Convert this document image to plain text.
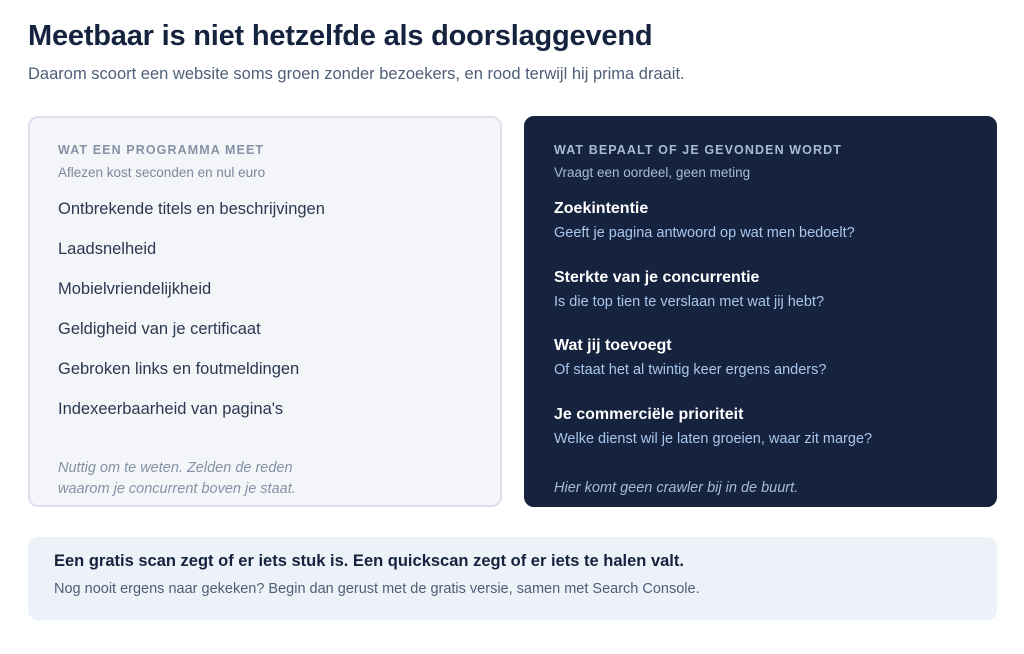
Meetbaar is niet hetzelfde als doorslaggevend

Daarom scoort een website soms groen zonder bezoekers, en rood terwijl hij prima draait.

WAT EEN PROGRAMMA MEET
Aflezen kost seconden en nul euro
Ontbrekende titels en beschrijvingen
Laadsnelheid
Mobielvriendelijkheid
Geldigheid van je certificaat
Gebroken links en foutmeldingen
Indexeerbaarheid van pagina's
Nuttig om te weten. Zelden de reden
waarom je concurrent boven je staat.
WAT BEPAALT OF JE GEVONDEN WORDT
Vraagt een oordeel, geen meting
Zoekintentie
Geeft je pagina antwoord op wat men bedoelt?
Sterkte van je concurrentie
Is die top tien te verslaan met wat jij hebt?
Wat jij toevoegt
Of staat het al twintig keer ergens anders?
Je commerciële prioriteit
Welke dienst wil je laten groeien, waar zit marge?
Hier komt geen crawler bij in de buurt.
Een gratis scan zegt of er iets stuk is. Een quickscan zegt of er iets te halen valt.
Nog nooit ergens naar gekeken? Begin dan gerust met de gratis versie, samen met Search Console.
